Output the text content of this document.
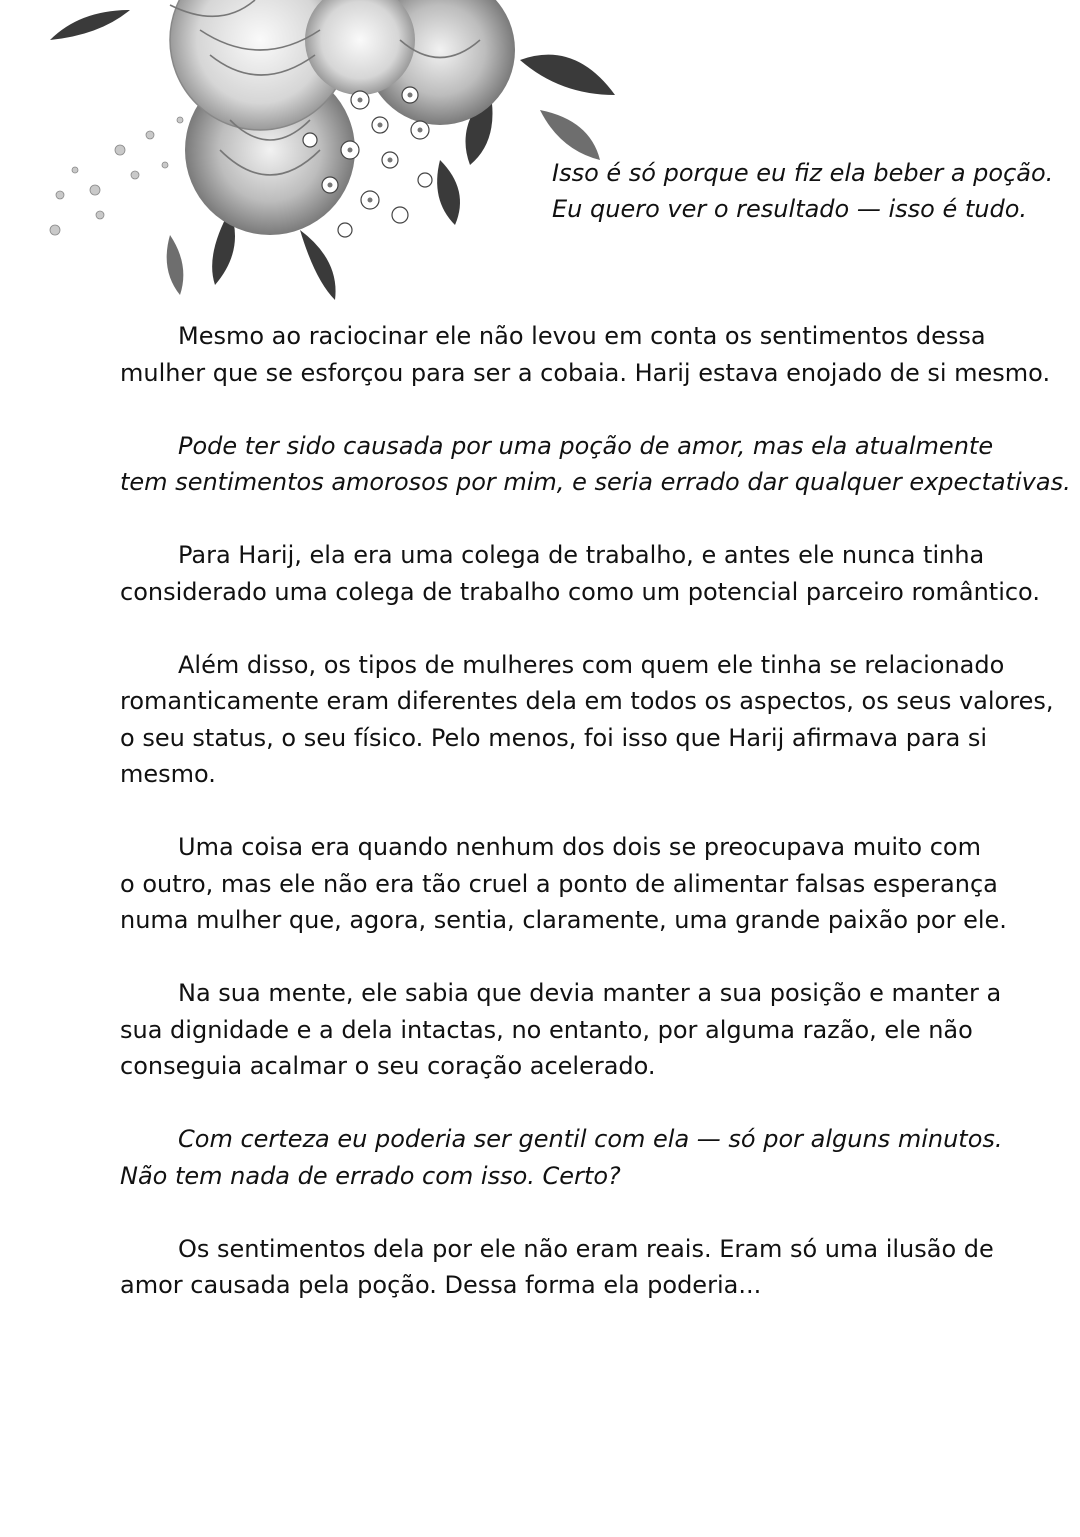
Isso é só porque eu fiz ela beber a poção.
Eu quero ver o resultado — isso é tudo.
Mesmo ao raciocinar ele não levou em conta os sentimentos dessa
mulher que se esforçou para ser a cobaia. Harij estava enojado de si mesmo.
Pode ter sido causada por uma poção de amor, mas ela atualmente
tem sentimentos amorosos por mim, e seria errado dar qualquer expectativas.
Para Harij, ela era uma colega de trabalho, e antes ele nunca tinha
considerado uma colega de trabalho como um potencial parceiro romântico.
Além disso, os tipos de mulheres com quem ele tinha se relacionado
romanticamente eram diferentes dela em todos os aspectos, os seus valores,
o seu status, o seu físico. Pelo menos, foi isso que Harij afirmava para si
mesmo.
Uma coisa era quando nenhum dos dois se preocupava muito com
o outro, mas ele não era tão cruel a ponto de alimentar falsas esperança
numa mulher que, agora, sentia, claramente, uma grande paixão por ele.
Na sua mente, ele sabia que devia manter a sua posição e manter a
sua dignidade e a dela intactas, no entanto, por alguma razão, ele não
conseguia acalmar o seu coração acelerado.
Com certeza eu poderia ser gentil com ela — só por alguns minutos.
Não tem nada de errado com isso. Certo?
Os sentimentos dela por ele não eram reais. Eram só uma ilusão de
amor causada pela poção. Dessa forma ela poderia...
